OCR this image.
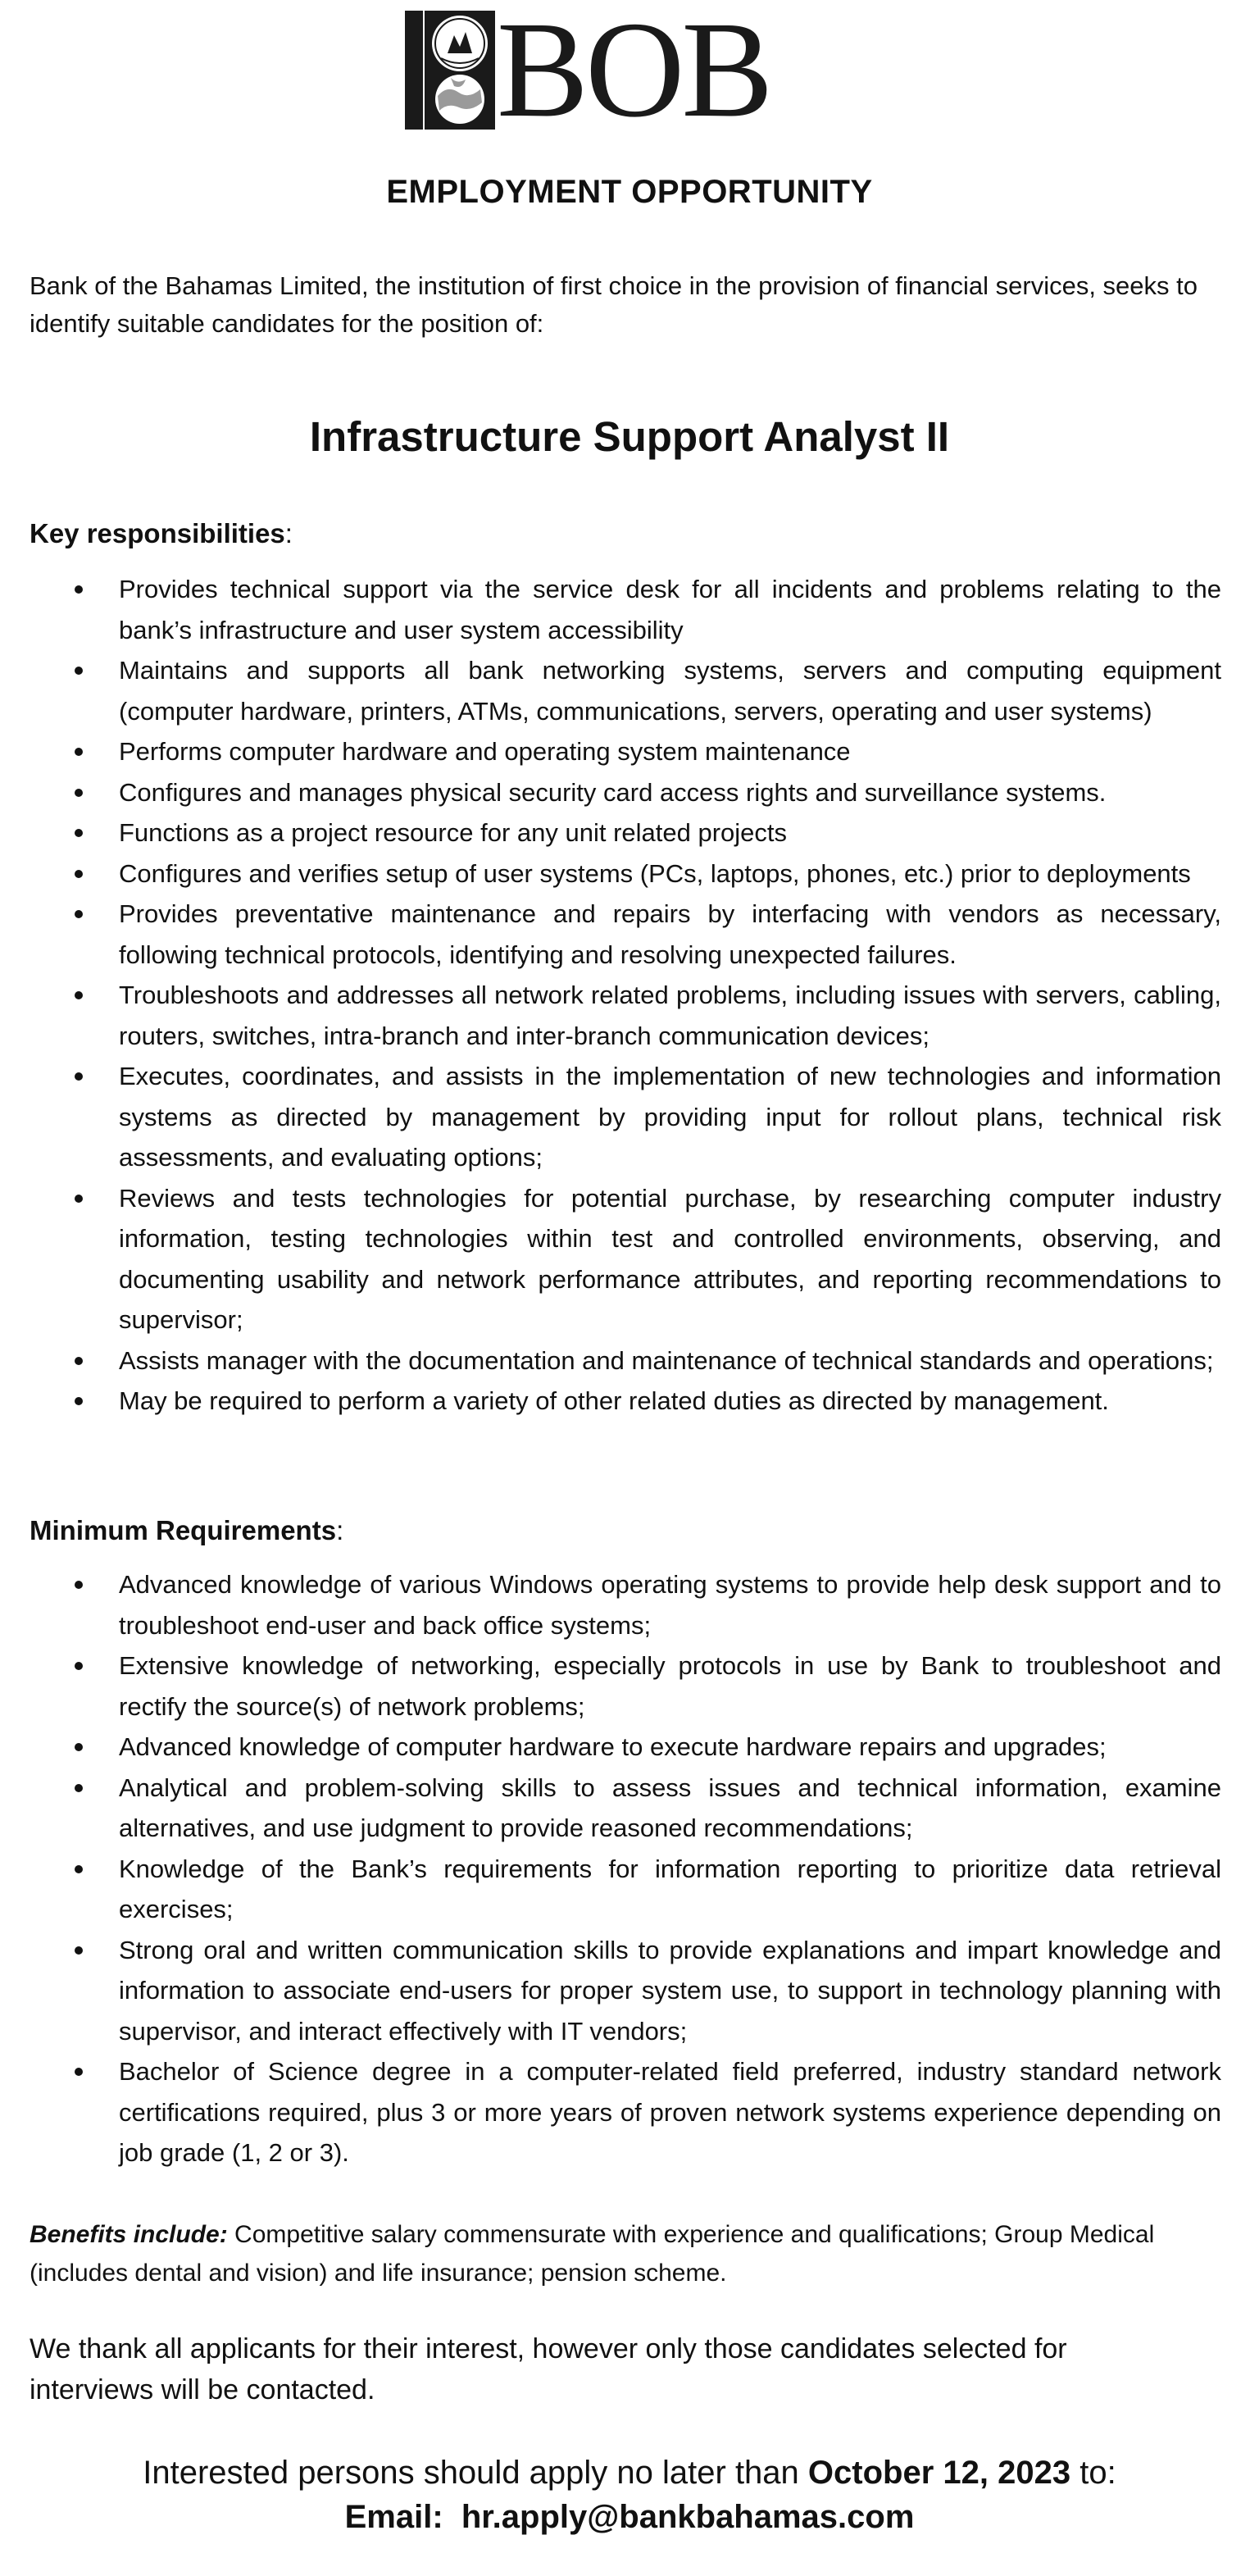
BOB
EMPLOYMENT OPPORTUNITY
Bank of the Bahamas Limited, the institution of first choice in the provision of financial services, seeks to identify suitable candidates for the position of:
Infrastructure Support Analyst II
Key responsibilities:
Provides technical support via the service desk for all incidents and problems relating to the bank’s infrastructure and user system accessibility
Maintains and supports all bank networking systems, servers and computing equipment (computer hardware, printers, ATMs, communications, servers, operating and user systems)
Performs computer hardware and operating system maintenance
Configures and manages physical security card access rights and surveillance systems.
Functions as a project resource for any unit related projects
Configures and verifies setup of user systems (PCs, laptops, phones, etc.) prior to deployments
Provides preventative maintenance and repairs by interfacing with vendors as necessary, following technical protocols, identifying and resolving unexpected failures.
Troubleshoots and addresses all network related problems, including issues with servers, cabling, routers, switches, intra-branch and inter-branch communication devices;
Executes, coordinates, and assists in the implementation of new technologies and information systems as directed by management by providing input for rollout plans, technical risk assessments, and evaluating options;
Reviews and tests technologies for potential purchase, by researching computer industry information, testing technologies within test and controlled environments, observing, and documenting usability and network performance attributes, and reporting recommendations to supervisor;
Assists manager with the documentation and maintenance of technical standards and operations;
May be required to perform a variety of other related duties as directed by management.
Minimum Requirements:
Advanced knowledge of various Windows operating systems to provide help desk support and to troubleshoot end-user and back office systems;
Extensive knowledge of networking, especially protocols in use by Bank to troubleshoot and rectify the source(s) of network problems;
Advanced knowledge of computer hardware to execute hardware repairs and upgrades;
Analytical and problem-solving skills to assess issues and technical information, examine alternatives, and use judgment to provide reasoned recommendations;
Knowledge of the Bank’s requirements for information reporting to prioritize data retrieval exercises;
Strong oral and written communication skills to provide explanations and impart knowledge and information to associate end-users for proper system use, to support in technology planning with supervisor, and interact effectively with IT vendors;
Bachelor of Science degree in a computer-related field preferred, industry standard network certifications required, plus 3 or more years of proven network systems experience depending on job grade (1, 2 or 3).
Benefits include: Competitive salary commensurate with experience and qualifications; Group Medical (includes dental and vision) and life insurance; pension scheme.
We thank all applicants for their interest, however only those candidates selected for interviews will be contacted.
Interested persons should apply no later than October 12, 2023 to:
Email: hr.apply@bankbahamas.com
